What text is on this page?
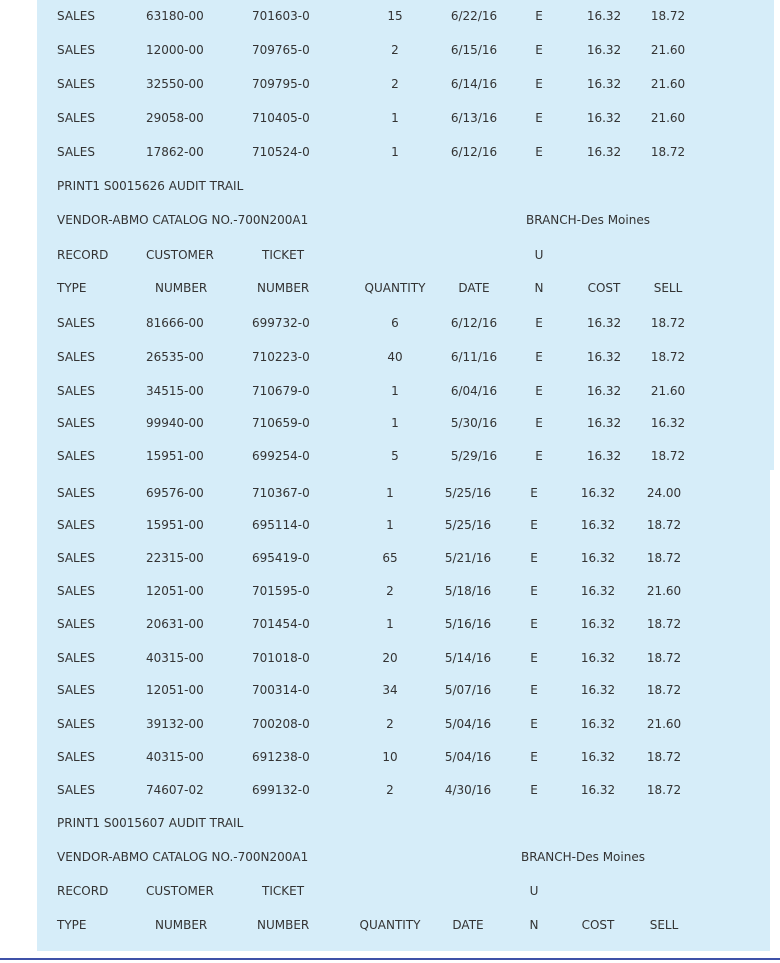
SALES	63180-00	701603-0	15	6/22/16	E	16.32 18.72
SALES	12000-00	709765-0	2	6/15/16	E	16.32 21.60
SALES	32550-00	709795-0	2	6/14/16	E	16.32 21.60
SALES	29058-00	710405-0	1	6/13/16	E	16.32 21.60
SALES	17862-00	710524-0	1	6/12/16	E	16.32 18.72
PRINT1 S0015626 AUDIT TRAIL
VENDOR-ABMO CATALOG NO.-700N200A1	BRANCH-Des Moines
RECORD	CUSTOMER	TICKET	U
TYPE	NUMBER	NUMBER	QUANTITY	DATE	N	COST	SELL
SALES	81666-00	699732-0	6	6/12/16	E	16.32 18.72
SALES	26535-00	710223-0	40	6/11/16	E	16.32 18.72
SALES	34515-00	710679-0	1	6/04/16	E	16.32 21.60
SALES	99940-00	710659-0	1	5/30/16	E	16.32 16.32
SALES	15951-00	699254-0	5	5/29/16	E	16.32 18.72
SALES	69576-00	710367-0	1	5/25/16	E	16.32	24.00
SALES	15951-00	695114-0	1	5/25/16	E	16.32	18.72
SALES	22315-00	695419-0	65	5/21/16	E	16.32	18.72
SALES	12051-00	701595-0	2	5/18/16	E	16.32	21.60
SALES	20631-00	701454-0	1	5/16/16	E	16.32	18.72
SALES	40315-00	701018-0	20	5/14/16	E	16.32	18.72
SALES	12051-00	700314-0	34	5/07/16	E	16.32	18.72
SALES	39132-00	700208-0	2	5/04/16	E	16.32	21.60
SALES	40315-00	691238-0	10	5/04/16	E	16.32	18.72
SALES	74607-02	699132-0	2	4/30/16	E	16.32	18.72
PRINT1 S0015607 AUDIT TRAIL
VENDOR-ABMO CATALOG NO.-700N200A1	BRANCH-Des Moines
RECORD	CUSTOMER	TICKET	U
TYPE	NUMBER	NUMBER	QUANTITY	DATE	N	COST	SELL
